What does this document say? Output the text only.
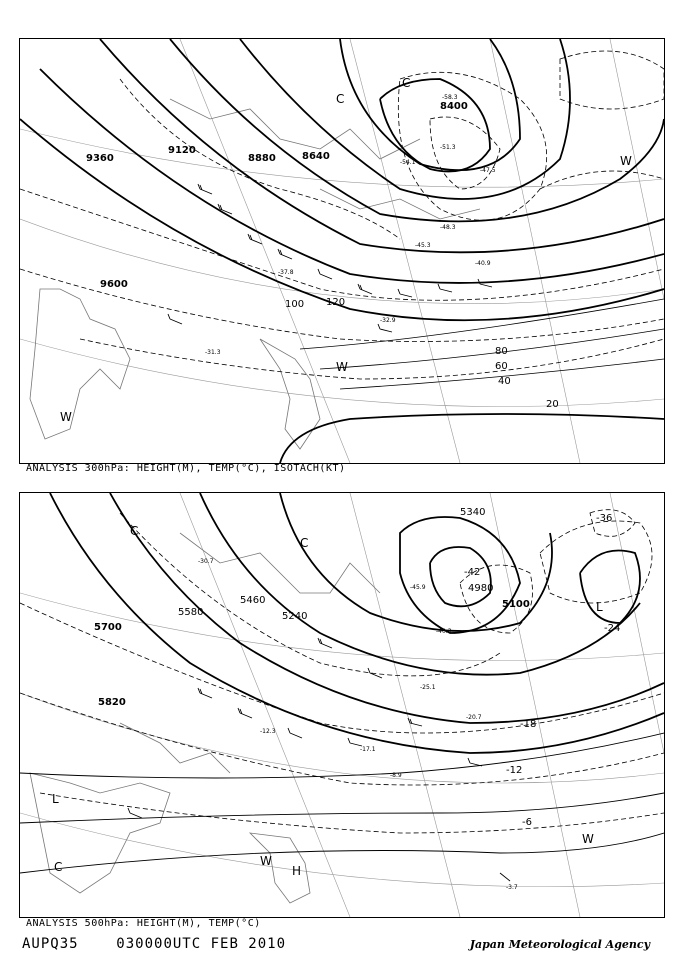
9600
9360
9120
8880	8640
8400
120
100
80
60
40
20
-31.3
-32.9
-37.8
-40.9
-45.3
-47.5
-48.3
-51.3
-54.1
-58.3
W
W
W
C
C
ANALYSIS 300hPa: HEIGHT(M), TEMP(°C), ISOTACH(KT)
5820
5700
5580
5460
5340
5240
5100
4980
-6
-12
-18
-24
-36
-42
-3.7
-8.9
-12.3
-17.1
-20.7
-25.1
-30.7
-40.3
-45.9
L
L
H
W
W
C
C
C
ANALYSIS 500hPa: HEIGHT(M), TEMP(°C)
AUPQ35	030000UTC FEB 2010	Japan Meteorological Agency
